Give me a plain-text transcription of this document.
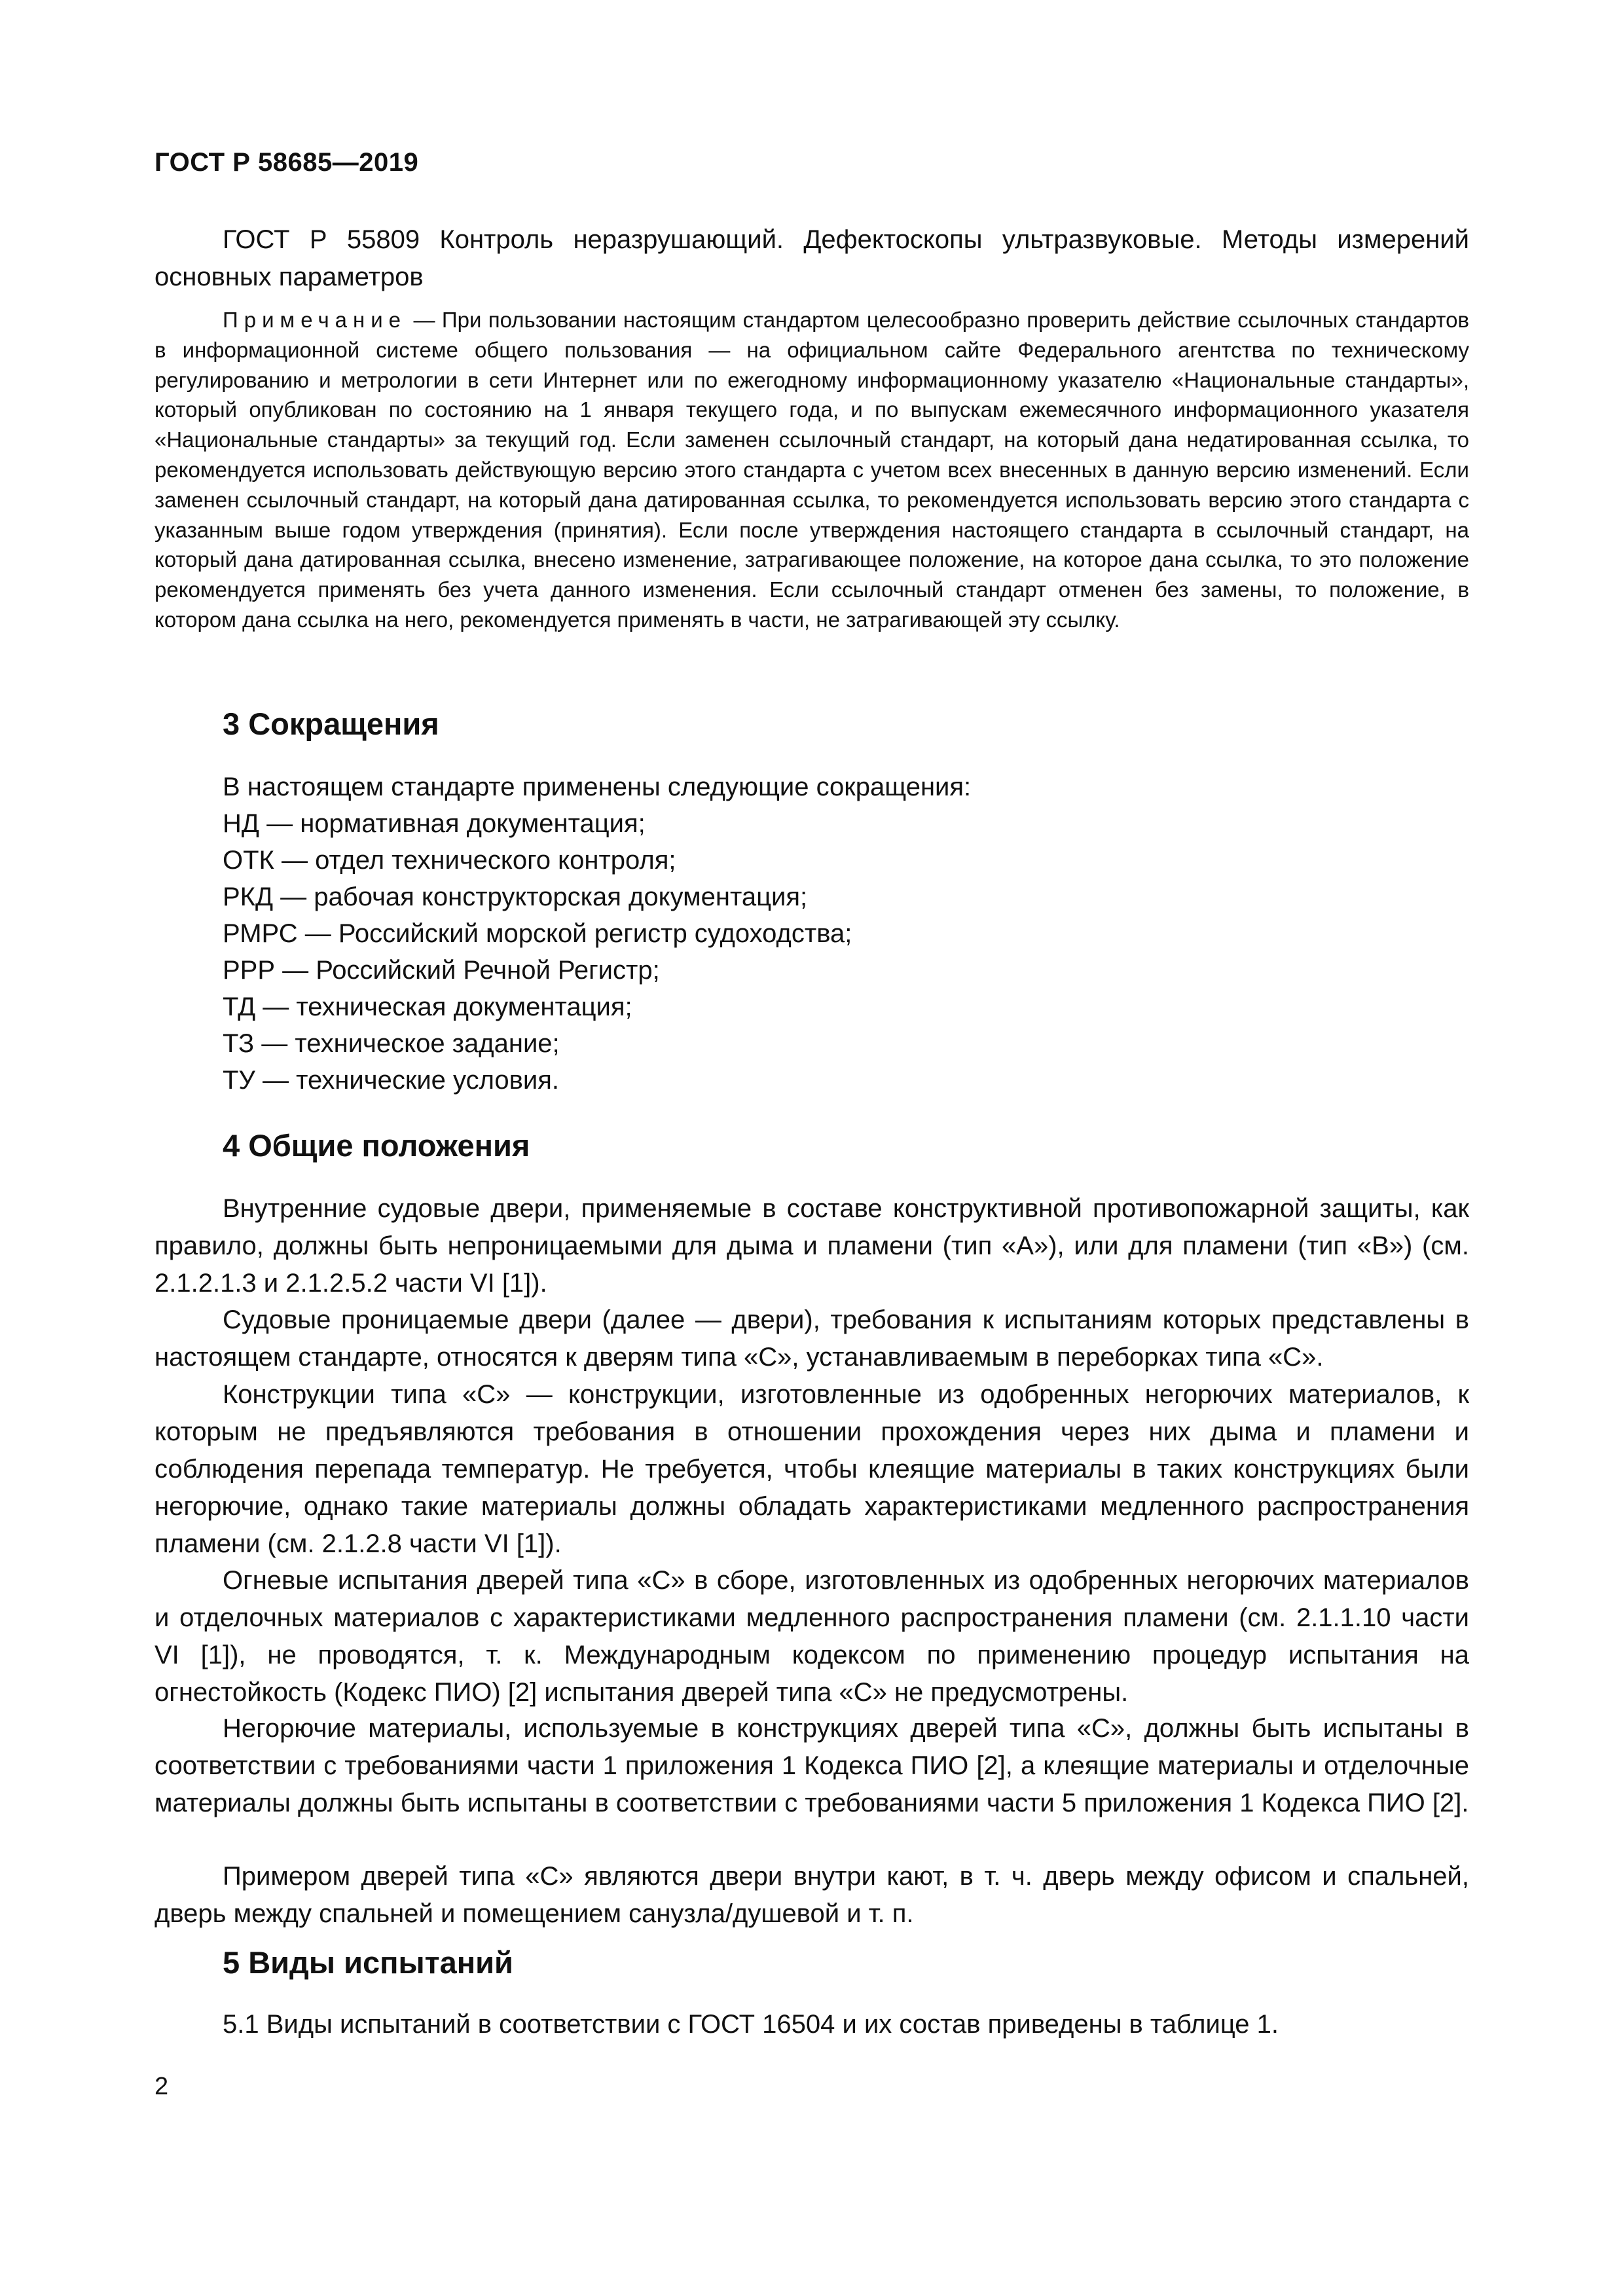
ГОСТ Р 58685—2019
ГОСТ Р 55809 Контроль неразрушающий. Дефектоскопы ультразвуковые. Методы измерений основных параметров
Примечание — При пользовании настоящим стандартом целесообразно проверить действие ссылочных стандартов в информационной системе общего пользования — на официальном сайте Федерального агентства по техническому регулированию и метрологии в сети Интернет или по ежегодному информационному указателю «Национальные стандарты», который опубликован по состоянию на 1 января текущего года, и по выпускам ежемесячного информационного указателя «Национальные стандарты» за текущий год. Если заменен ссылочный стандарт, на который дана недатированная ссылка, то рекомендуется использовать действующую версию этого стандарта с учетом всех внесенных в данную версию изменений. Если заменен ссылочный стандарт, на который дана датированная ссылка, то рекомендуется использовать версию этого стандарта с указанным выше годом утверждения (принятия). Если после утверждения настоящего стандарта в ссылочный стандарт, на который дана датированная ссылка, внесено изменение, затрагивающее положение, на которое дана ссылка, то это положение рекомендуется применять без учета данного изменения. Если ссылочный стандарт отменен без замены, то положение, в котором дана ссылка на него, рекомендуется применять в части, не затрагивающей эту ссылку.
3 Сокращения
В настоящем стандарте применены следующие сокращения:
НД — нормативная документация;
ОТК — отдел технического контроля;
РКД — рабочая конструкторская документация;
РМРС — Российский морской регистр судоходства;
РРР — Российский Речной Регистр;
ТД — техническая документация;
ТЗ — техническое задание;
ТУ — технические условия.
4 Общие положения
Внутренние судовые двери, применяемые в составе конструктивной противопожарной защиты, как правило, должны быть непроницаемыми для дыма и пламени (тип «А»), или для пламени (тип «В») (см. 2.1.2.1.3 и 2.1.2.5.2 части VI [1]).
Судовые проницаемые двери (далее — двери), требования к испытаниям которых представлены в настоящем стандарте, относятся к дверям типа «С», устанавливаемым в переборках типа «С».
Конструкции типа «С» — конструкции, изготовленные из одобренных негорючих материалов, к которым не предъявляются требования в отношении прохождения через них дыма и пламени и соблюдения перепада температур. Не требуется, чтобы клеящие материалы в таких конструкциях были негорючие, однако такие материалы должны обладать характеристиками медленного распространения пламени (см. 2.1.2.8 части VI [1]).
Огневые испытания дверей типа «С» в сборе, изготовленных из одобренных негорючих материалов и отделочных материалов с характеристиками медленного распространения пламени (см. 2.1.1.10 части VI [1]), не проводятся, т. к. Международным кодексом по применению процедур испытания на огнестойкость (Кодекс ПИО) [2] испытания дверей типа «С» не предусмотрены.
Негорючие материалы, используемые в конструкциях дверей типа «С», должны быть испытаны в соответствии с требованиями части 1 приложения 1 Кодекса ПИО [2], а клеящие материалы и отделочные материалы должны быть испытаны в соответствии с требованиями части 5 приложения 1 Кодекса ПИО [2].
Примером дверей типа «С» являются двери внутри кают, в т. ч. дверь между офисом и спальней, дверь между спальней и помещением санузла/душевой и т. п.
5 Виды испытаний
5.1 Виды испытаний в соответствии с ГОСТ 16504 и их состав приведены в таблице 1.
2
